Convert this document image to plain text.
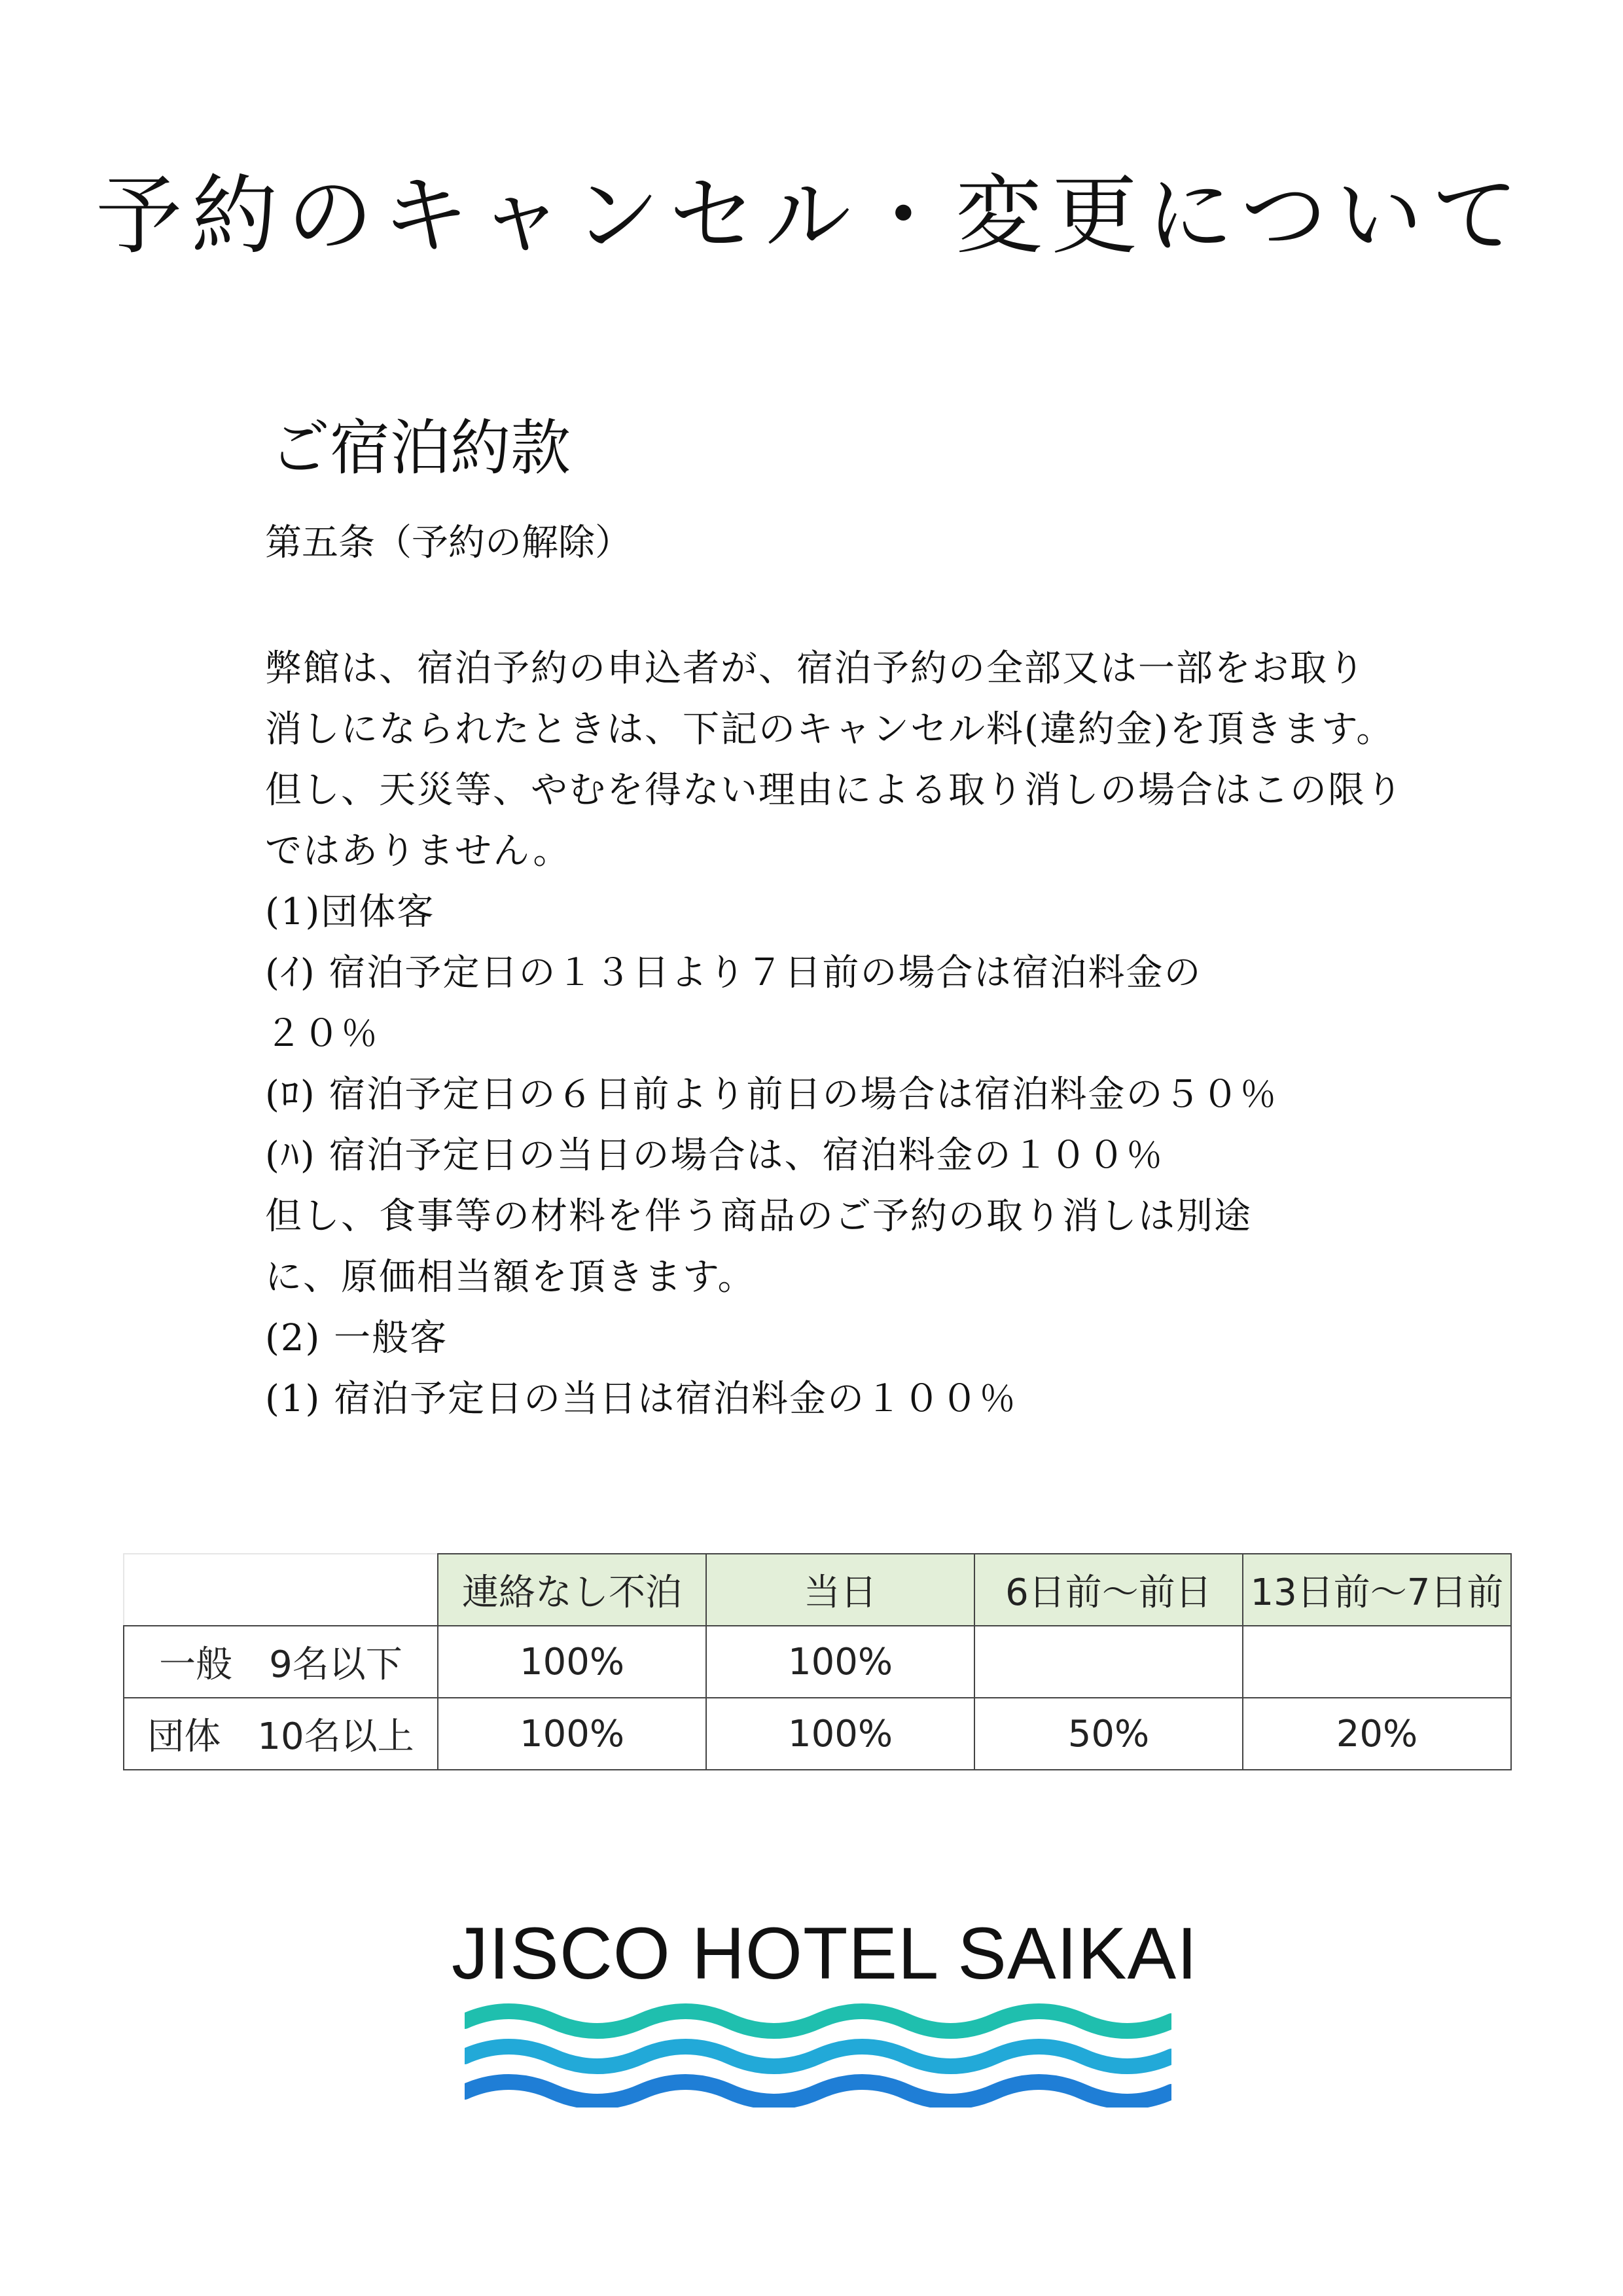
予約のキャンセル・変更について
ご宿泊約款

第五条（予約の解除）

弊館は、宿泊予約の申込者が、宿泊予約の全部又は一部をお取り
消しになられたときは、下記のキャンセル料(違約金)を頂きます。
但し、天災等、やむを得ない理由による取り消しの場合はこの限り
ではありません。
(1)団体客
(ｲ) 宿泊予定日の１３日より７日前の場合は宿泊料金の
２０％
(ﾛ) 宿泊予定日の６日前より前日の場合は宿泊料金の５０％
(ﾊ) 宿泊予定日の当日の場合は、宿泊料金の１００％
但し、食事等の材料を伴う商品のご予約の取り消しは別途
に、原価相当額を頂きます。
(2) 一般客
(1) 宿泊予定日の当日は宿泊料金の１００％
	連絡なし不泊	当日	6日前～前日	13日前～7日前
一般　9名以下	100%	100%		
団体　10名以上	100%	100%	50%	20%
JISCO HOTEL SAIKAI
